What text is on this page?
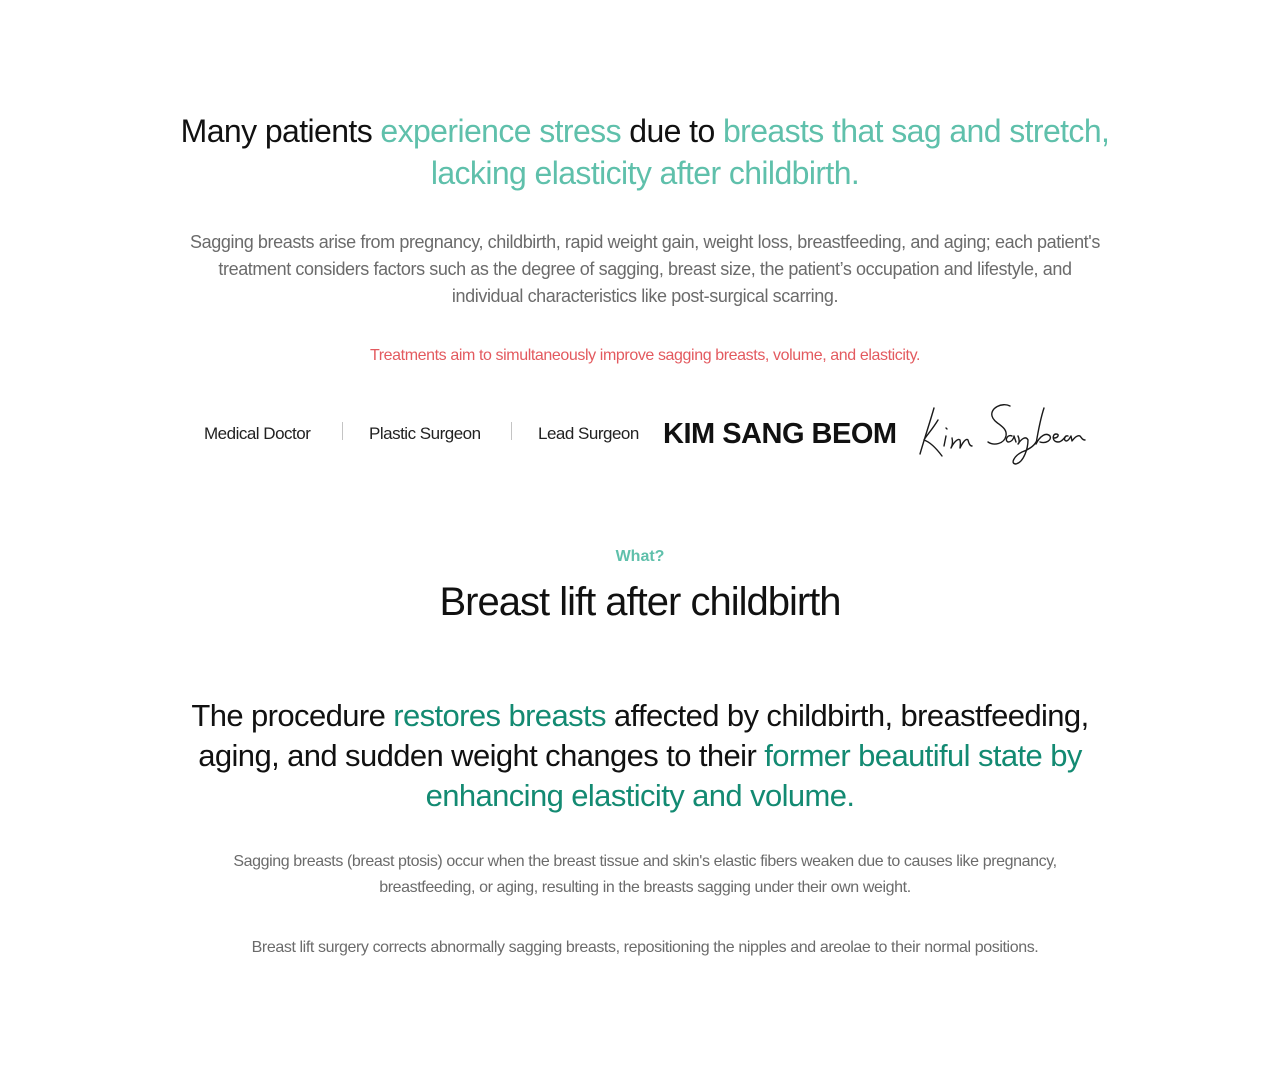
Many patients experience stress due to breasts that sag and stretch, lacking elasticity after childbirth.

Sagging breasts arise from pregnancy, childbirth, rapid weight gain, weight loss, breastfeeding, and aging; each patient's treatment considers factors such as the degree of sagging, breast size, the patient’s occupation and lifestyle, and individual characteristics like post-surgical scarring.

Treatments aim to simultaneously improve sagging breasts, volume, and elasticity.

Medical Doctor	Plastic Surgeon	Lead Surgeon KIM SANG BEOM
What?
Breast lift after childbirth

The procedure restores breasts affected by childbirth, breastfeeding, aging, and sudden weight changes to their former beautiful state by enhancing elasticity and volume.

Sagging breasts (breast ptosis) occur when the breast tissue and skin's elastic fibers weaken due to causes like pregnancy, breastfeeding, or aging, resulting in the breasts sagging under their own weight.

Breast lift surgery corrects abnormally sagging breasts, repositioning the nipples and areolae to their normal positions.
